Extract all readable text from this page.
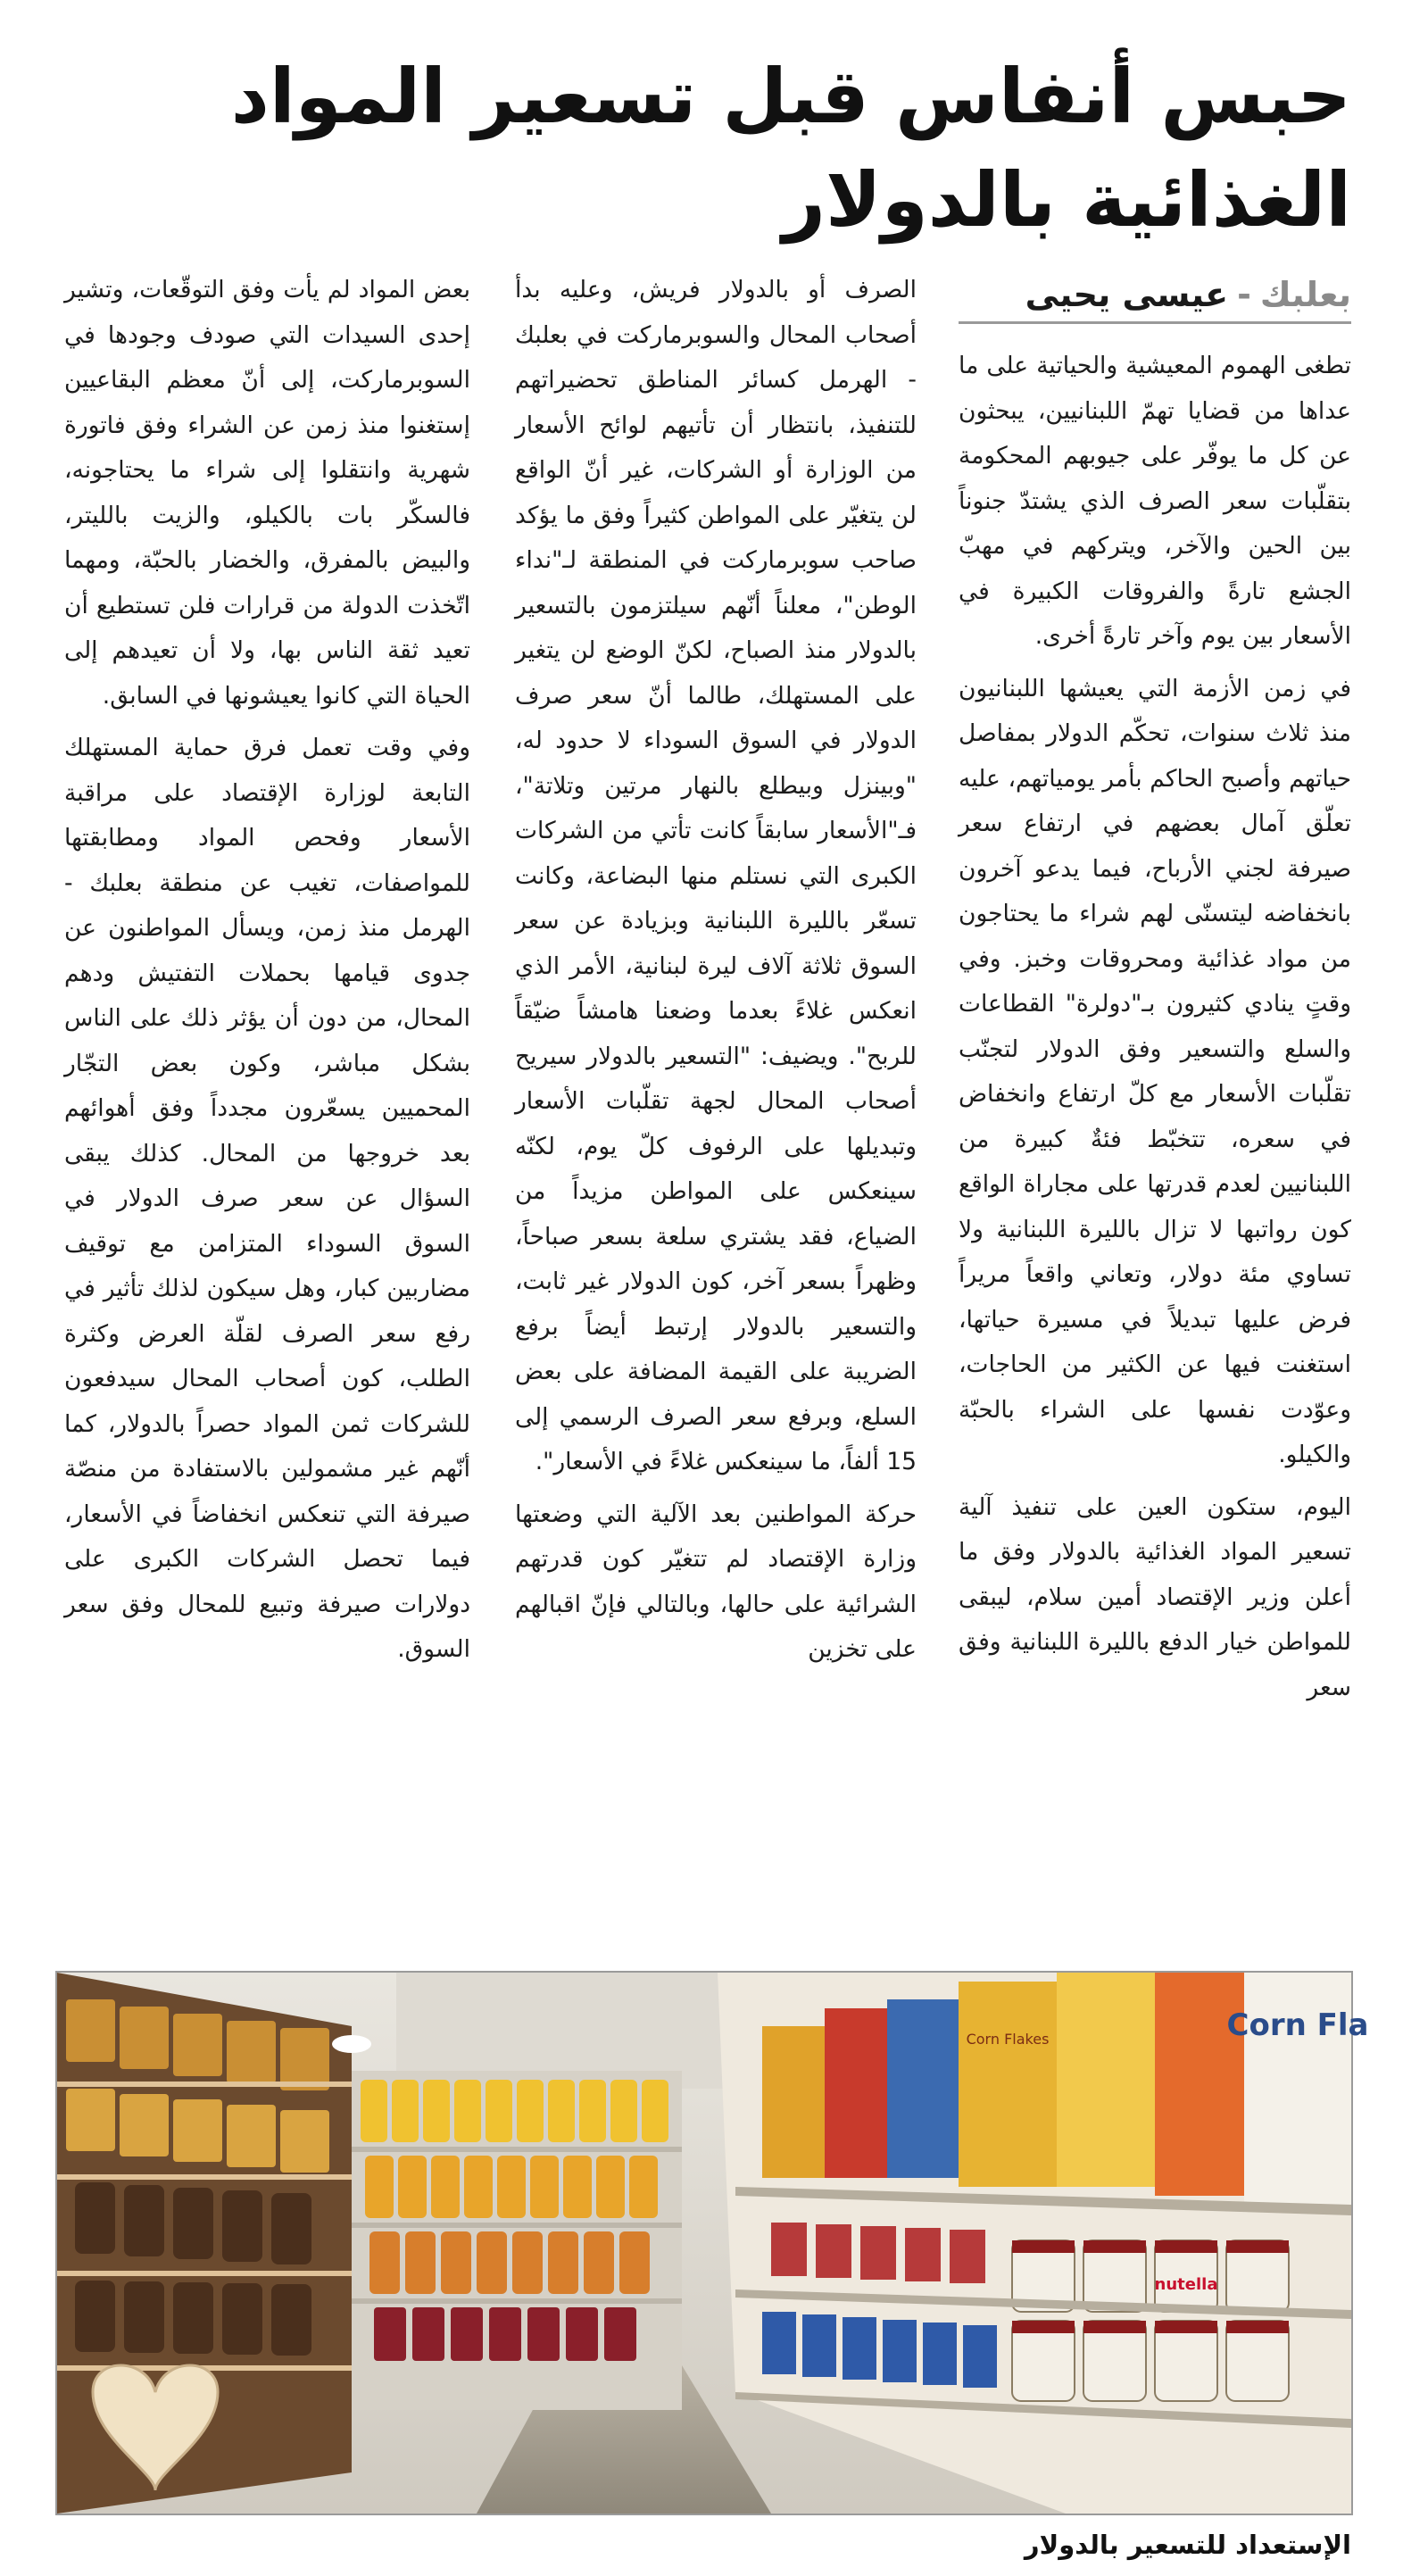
حبس أنفاس قبل تسعير المواد
الغذائية بالدولار
بعلبك
-
عيسى يحيى

تطغى الهموم المعيشية والحياتية على ما عداها من قضايا تهمّ اللبنانيين، يبحثون عن كل ما يوفّر على جيوبهم المحكومة بتقلّبات سعر الصرف الذي يشتدّ جنوناً بين الحين والآخر، ويتركهم في مهبّ الجشع تارةً والفروقات الكبيرة في الأسعار بين يوم وآخر تارةً أخرى.

في زمن الأزمة التي يعيشها اللبنانيون منذ ثلاث سنوات، تحكّم الدولار بمفاصل حياتهم وأصبح الحاكم بأمر يومياتهم، عليه تعلّق آمال بعضهم في ارتفاع سعر صيرفة لجني الأرباح، فيما يدعو آخرون بانخفاضه ليتسنّى لهم شراء ما يحتاجون من مواد غذائية ومحروقات وخبز. وفي وقتٍ ينادي كثيرون بـ"دولرة" القطاعات والسلع والتسعير وفق الدولار لتجنّب تقلّبات الأسعار مع كلّ ارتفاع وانخفاض في سعره، تتخبّط فئةٌ كبيرة من اللبنانيين لعدم قدرتها على مجاراة الواقع كون رواتبها لا تزال بالليرة اللبنانية ولا تساوي مئة دولار، وتعاني واقعاً مريراً فرض عليها تبديلاً في مسيرة حياتها، استغنت فيها عن الكثير من الحاجات، وعوّدت نفسها على الشراء بالحبّة والكيلو.

اليوم، ستكون العين على تنفيذ آلية تسعير المواد الغذائية بالدولار وفق ما أعلن وزير الإقتصاد أمين سلام، ليبقى للمواطن خيار الدفع بالليرة اللبنانية وفق سعر

الصرف أو بالدولار فريش، وعليه بدأ أصحاب المحال والسوبرماركت في بعلبك - الهرمل كسائر المناطق تحضيراتهم للتنفيذ، بانتظار أن تأتيهم لوائح الأسعار من الوزارة أو الشركات، غير أنّ الواقع لن يتغيّر على المواطن كثيراً وفق ما يؤكد صاحب سوبرماركت في المنطقة لـ"نداء الوطن"، معلناً أنّهم سيلتزمون بالتسعير بالدولار منذ الصباح، لكنّ الوضع لن يتغير على المستهلك، طالما أنّ سعر صرف الدولار في السوق السوداء لا حدود له، "وبينزل وبيطلع بالنهار مرتين وتلاتة"، فـ"الأسعار سابقاً كانت تأتي من الشركات الكبرى التي نستلم منها البضاعة، وكانت تسعّر بالليرة اللبنانية وبزيادة عن سعر السوق ثلاثة آلاف ليرة لبنانية، الأمر الذي انعكس غلاءً بعدما وضعنا هامشاً ضيّقاً للربح". ويضيف: "التسعير بالدولار سيريح أصحاب المحال لجهة تقلّبات الأسعار وتبديلها على الرفوف كلّ يوم، لكنّه سينعكس على المواطن مزيداً من الضياع، فقد يشتري سلعة بسعر صباحاً، وظهراً بسعر آخر، كون الدولار غير ثابت، والتسعير بالدولار إرتبط أيضاً برفع الضريبة على القيمة المضافة على بعض السلع، وبرفع سعر الصرف الرسمي إلى 15 ألفاً، ما سينعكس غلاءً في الأسعار".

حركة المواطنين بعد الآلية التي وضعتها وزارة الإقتصاد لم تتغيّر كون قدرتهم الشرائية على حالها، وبالتالي فإنّ اقبالهم على تخزين

بعض المواد لم يأت وفق التوقّعات، وتشير إحدى السيدات التي صودف وجودها في السوبرماركت، إلى أنّ معظم البقاعيين إستغنوا منذ زمن عن الشراء وفق فاتورة شهرية وانتقلوا إلى شراء ما يحتاجونه، فالسكّر بات بالكيلو، والزيت بالليتر، والبيض بالمفرق، والخضار بالحبّة، ومهما اتّخذت الدولة من قرارات فلن تستطيع أن تعيد ثقة الناس بها، ولا أن تعيدهم إلى الحياة التي كانوا يعيشونها في السابق.

وفي وقت تعمل فرق حماية المستهلك التابعة لوزارة الإقتصاد على مراقبة الأسعار وفحص المواد ومطابقتها للمواصفات، تغيب عن منطقة بعلبك - الهرمل منذ زمن، ويسأل المواطنون عن جدوى قيامها بحملات التفتيش ودهم المحال، من دون أن يؤثر ذلك على الناس بشكل مباشر، وكون بعض التجّار المحميين يسعّرون مجدداً وفق أهوائهم بعد خروجها من المحال. كذلك يبقى السؤال عن سعر صرف الدولار في السوق السوداء المتزامن مع توقيف مضاربين كبار، وهل سيكون لذلك تأثير في رفع سعر الصرف لقلّة العرض وكثرة الطلب، كون أصحاب المحال سيدفعون للشركات ثمن المواد حصراً بالدولار، كما أنّهم غير مشمولين بالاستفادة من منصّة صيرفة التي تنعكس انخفاضاً في الأسعار، فيما تحصل الشركات الكبرى على دولارات صيرفة وتبيع للمحال وفق سعر السوق.

Corn Flakes	Corn Fla
nutella
الإستعداد للتسعير بالدولار
